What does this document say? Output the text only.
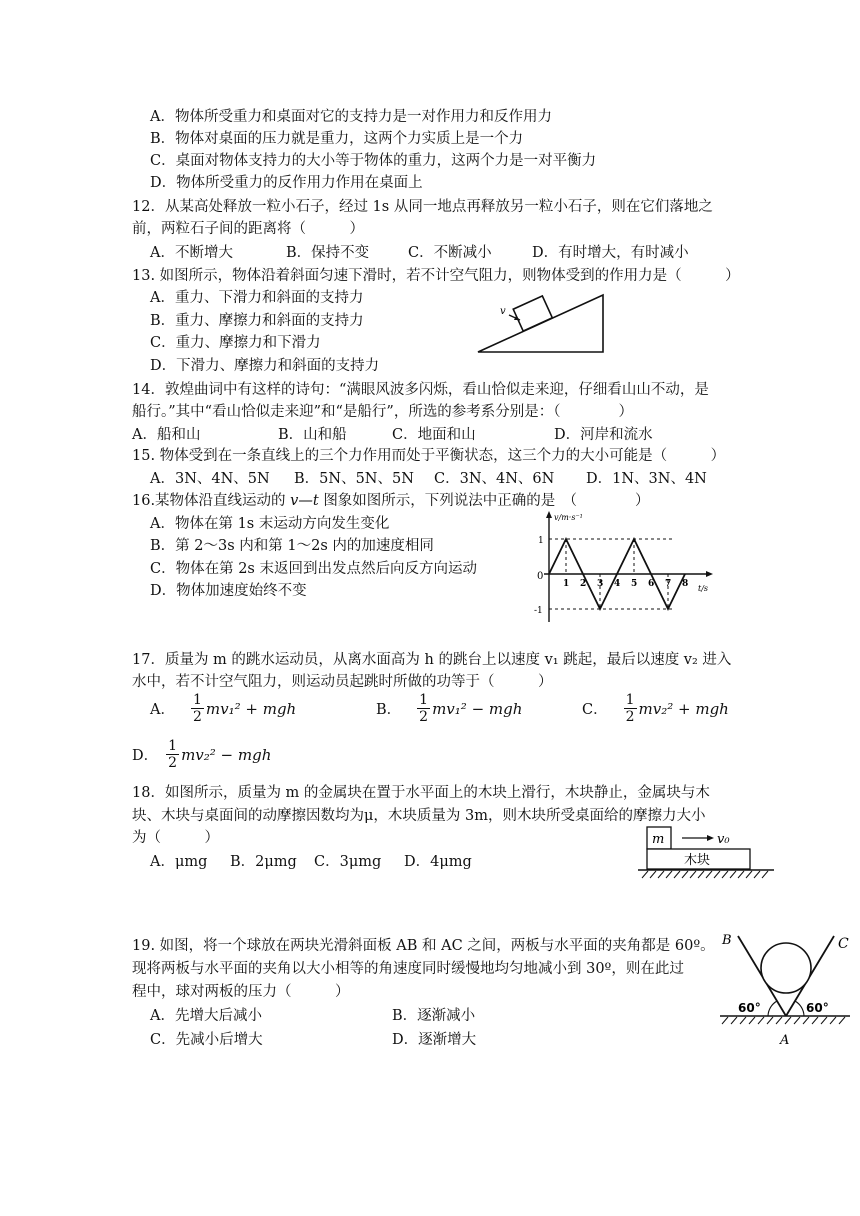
A．物体所受重力和桌面对它的支持力是一对作用力和反作用力
B．物体对桌面的压力就是重力，这两个力实质上是一个力
C．桌面对物体支持力的大小等于物体的重力，这两个力是一对平衡力
D．物体所受重力的反作用力作用在桌面上
12．从某高处释放一粒小石子，经过 1s 从同一地点再释放另一粒小石子，则在它们落地之
前，两粒石子间的距离将（　　　）
A．不断增大	B．保持不变	C．不断减小	D．有时增大，有时减小
13. 如图所示，物体沿着斜面匀速下滑时，若不计空气阻力，则物体受到的作用力是（　　　）
A．重力、下滑力和斜面的支持力
B．重力、摩擦力和斜面的支持力
C．重力、摩擦力和下滑力
D．下滑力、摩擦力和斜面的支持力
v
14．敦煌曲词中有这样的诗句：“满眼风波多闪烁，看山恰似走来迎，仔细看山山不动，是
船行。”其中“看山恰似走来迎”和“是船行”，所选的参考系分别是：（　　　　）
A．船和山	B．山和船	C．地面和山	D．河岸和流水
15. 物体受到在一条直线上的三个力作用而处于平衡状态，这三个力的大小可能是（　　　）
A．3N、4N、5N B．5N、5N、5N C．3N、4N、6N D．1N、3N、4N
16.某物体沿直线运动的 v—t 图象如图所示，下列说法中正确的是　（　　　　）
A．物体在第 1s 末运动方向发生变化
B．第 2～3s 内和第 1～2s 内的加速度相同
C．物体在第 2s 末返回到出发点然后向反方向运动
D．物体加速度始终不变
v/m·s⁻¹
t/s
0
1
-1
1 2 3 4 5 6 7 8
17．质量为 m 的跳水运动员，从离水面高为 h 的跳台上以速度 v₁ 跳起，最后以速度 v₂ 进入
水中，若不计空气阻力，则运动员起跳时所做的功等于（　　　）
A． $\frac{1}{2} mv_1^2$ + mgh	B． $\frac{1}{2} mv_1^2$ − mgh	C． $\frac{1}{2} mv_2^2$ + mgh
D． $\frac{1}{2} mv_2^2$ − mgh
18．如图所示，质量为 m 的金属块在置于水平面上的木块上滑行，木块静止，金属块与木
块、木块与桌面间的动摩擦因数均为μ，木块质量为 3m，则木块所受桌面给的摩擦力大小
为（　　　）
A．μmg B．2μmg C．3μmg D．4μmg
m	v₀
木块
19. 如图，将一个球放在两块光滑斜面板 AB 和 AC 之间，两板与水平面的夹角都是 60º。
现将两板与水平面的夹角以大小相等的角速度同时缓慢地均匀地减小到 30º，则在此过
程中，球对两板的压力（　　　）
A．先增大后减小	B．逐渐减小
C．先减小后增大	D．逐渐增大
B	C
A
60°	60°
